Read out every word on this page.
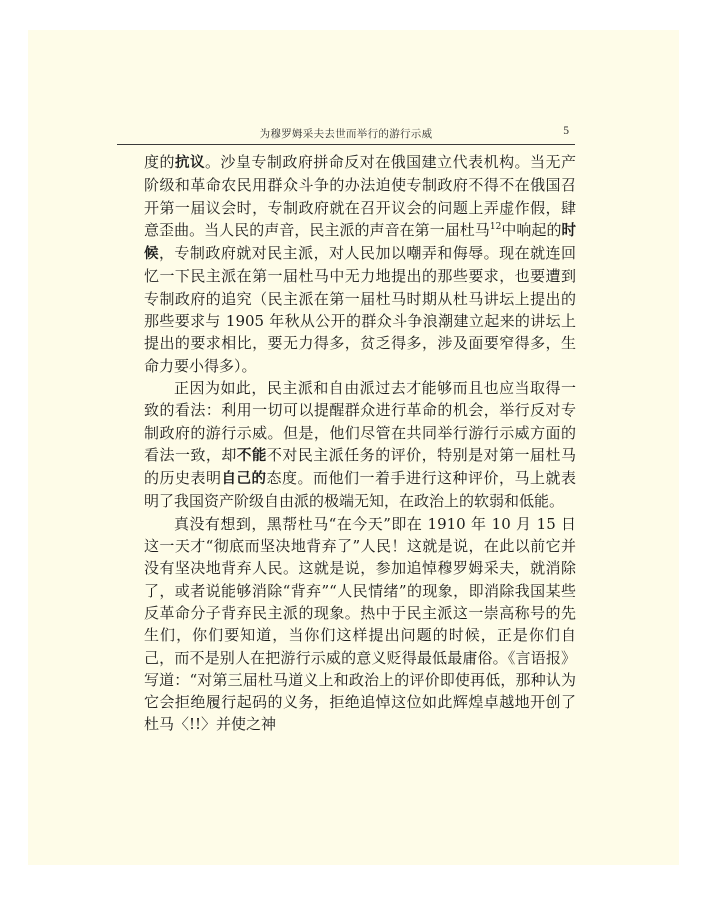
为穆罗姆采夫去世而举行的游行示威	5

度的抗议。沙皇专制政府拼命反对在俄国建立代表机构。当无产阶级和革命农民用群众斗争的办法迫使专制政府不得不在俄国召开第一届议会时，专制政府就在召开议会的问题上弄虚作假，肆意歪曲。当人民的声音，民主派的声音在第一届杜马$^{12}$中响起的时候，专制政府就对民主派，对人民加以嘲弄和侮辱。现在就连回忆一下民主派在第一届杜马中无力地提出的那些要求，也要遭到专制政府的追究（民主派在第一届杜马时期从杜马讲坛上提出的那些要求与 1905 年秋从公开的群众斗争浪潮建立起来的讲坛上提出的要求相比，要无力得多，贫乏得多，涉及面要窄得多，生命力要小得多）。

正因为如此，民主派和自由派过去才能够而且也应当取得一致的看法：利用一切可以提醒群众进行革命的机会，举行反对专制政府的游行示威。但是，他们尽管在共同举行游行示威方面的看法一致，却不能不对民主派任务的评价，特别是对第一届杜马的历史表明自己的态度。而他们一着手进行这种评价，马上就表明了我国资产阶级自由派的极端无知，在政治上的软弱和低能。

真没有想到，黑帮杜马“在今天”即在 1910 年 10 月 15 日这一天才“彻底而坚决地背弃了”人民！这就是说，在此以前它并没有坚决地背弃人民。这就是说，参加追悼穆罗姆采夫，就消除了，或者说能够消除“背弃”“人民情绪”的现象，即消除我国某些反革命分子背弃民主派的现象。热中于民主派这一崇高称号的先生们，你们要知道，当你们这样提出问题的时候，正是你们自己，而不是别人在把游行示威的意义贬得最低最庸俗。《言语报》写道：“对第三届杜马道义上和政治上的评价即使再低，那种认为它会拒绝履行起码的义务，拒绝追悼这位如此辉煌卓越地开创了杜马〈!!〉并使之神
